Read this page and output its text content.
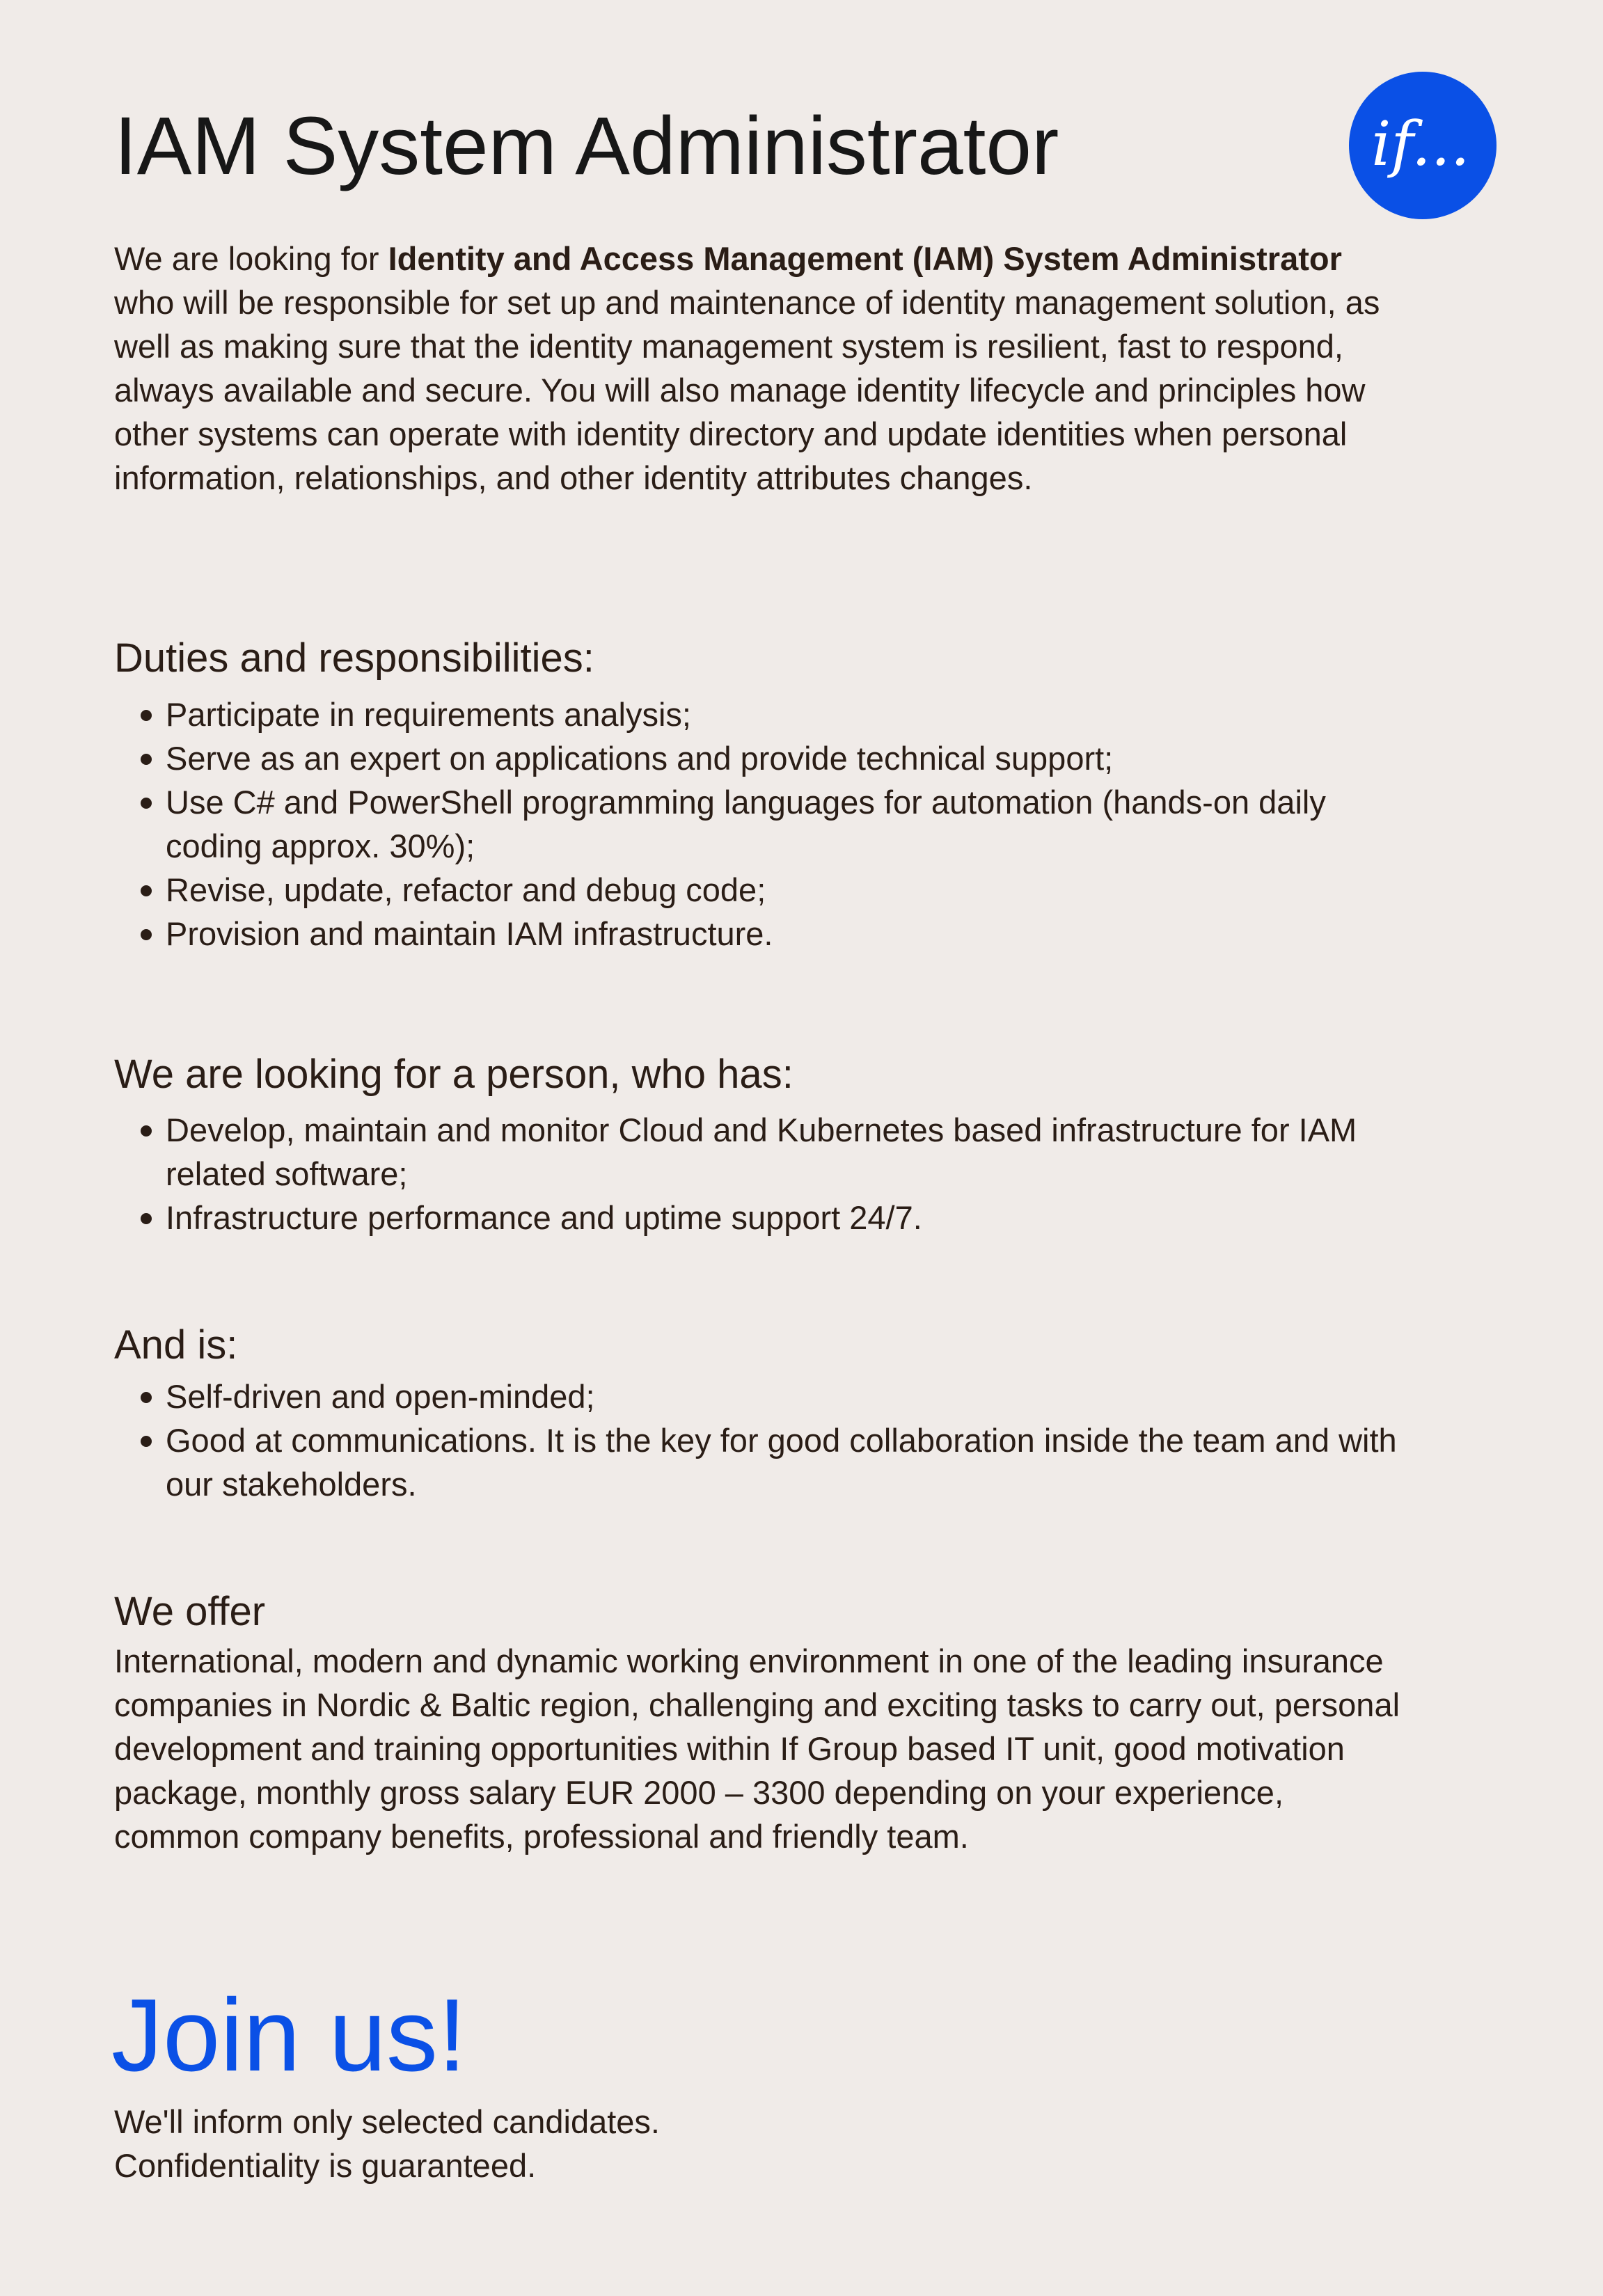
IAM System Administrator	if...

We are looking for Identity and Access Management (IAM) System Administrator who will be responsible for set up and maintenance of identity management solution, as well as making sure that the identity management system is resilient, fast to respond, always available and secure. You will also manage identity lifecycle and principles how other systems can operate with identity directory and update identities when personal information, relationships, and other identity attributes changes.

Duties and responsibilities:
Participate in requirements analysis;
Serve as an expert on applications and provide technical support;
Use C# and PowerShell programming languages for automation (hands-on daily coding approx. 30%);
Revise, update, refactor and debug code;
Provision and maintain IAM infrastructure.
We are looking for a person, who has:
Develop, maintain and monitor Cloud and Kubernetes based infrastructure for IAM related software;
Infrastructure performance and uptime support 24/7.
And is:
Self-driven and open-minded;
Good at communications. It is the key for good collaboration inside the team and with our stakeholders.
We offer

International, modern and dynamic working environment in one of the leading insurance companies in Nordic & Baltic region, challenging and exciting tasks to carry out, personal development and training opportunities within If Group based IT unit, good motivation package, monthly gross salary EUR 2000 – 3300 depending on your experience, common company benefits, professional and friendly team.

Join us!

We'll inform only selected candidates.

Confidentiality is guaranteed.
